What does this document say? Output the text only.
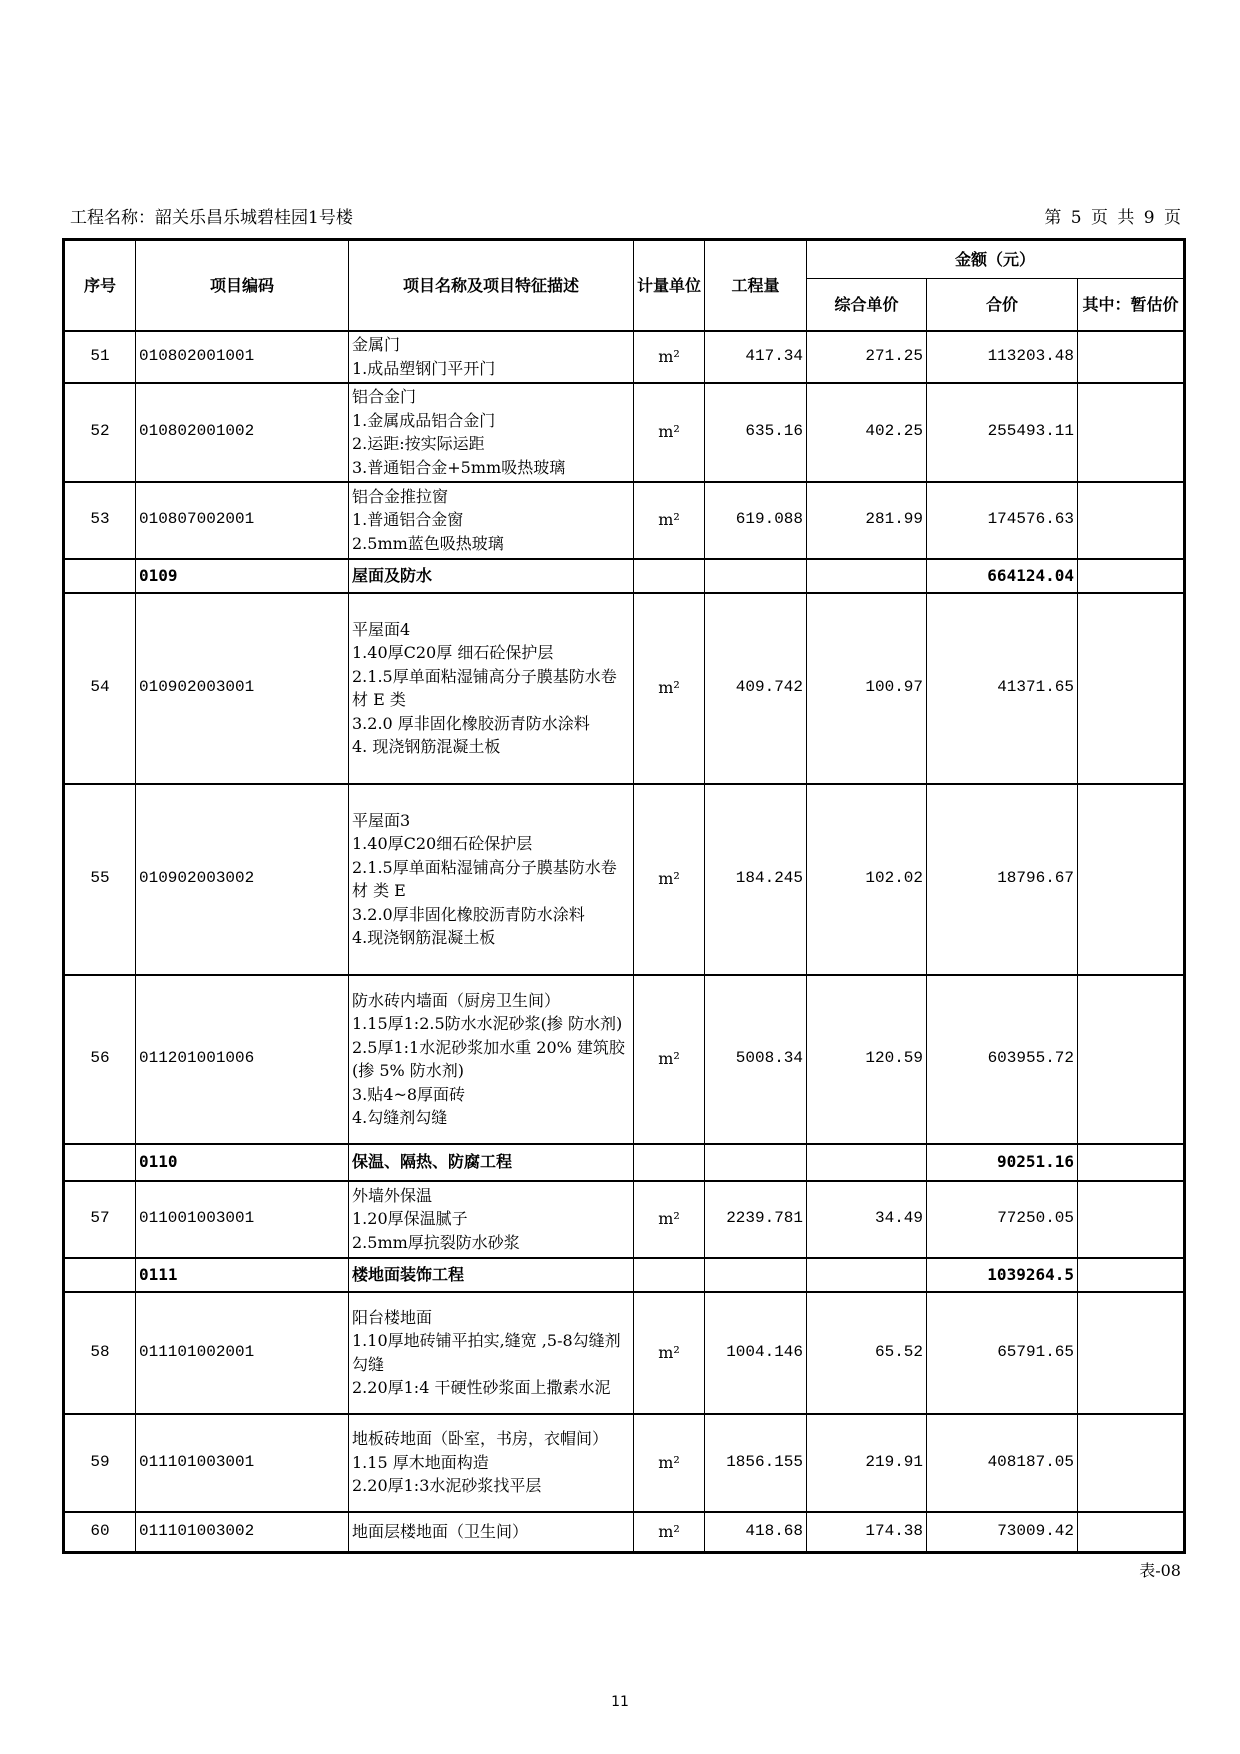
工程名称：韶关乐昌乐城碧桂园1号楼	第 5 页 共 9 页
序号	项目编码	项目名称及项目特征描述	计量单位	工程量	金额（元）		
					综合单价	合价	其中：暂估价
51	010802001001	金属门
1.成品塑钢门平开门	m²	417.34	271.25	113203.48	
52	010802001002	铝合金门
1.金属成品铝合金门
2.运距:按实际运距
3.普通铝合金+5mm吸热玻璃	m²	635.16	402.25	255493.11	
53	010807002001	铝合金推拉窗
1.普通铝合金窗
2.5mm蓝色吸热玻璃	m²	619.088	281.99	174576.63	
	0109	屋面及防水				664124.04	
54	010902003001	平屋面4
1.40厚C20厚 细石砼保护层
2.1.5厚单面粘湿铺高分子膜基防水卷材 E 类
3.2.0 厚非固化橡胶沥青防水涂料
4. 现浇钢筋混凝土板	m²	409.742	100.97	41371.65	
55	010902003002	平屋面3
1.40厚C20细石砼保护层
2.1.5厚单面粘湿铺高分子膜基防水卷材 类 E
3.2.0厚非固化橡胶沥青防水涂料
4.现浇钢筋混凝土板	m²	184.245	102.02	18796.67	
56	011201001006	防水砖内墙面（厨房卫生间）
1.15厚1:2.5防水水泥砂浆(掺 防水剂)
2.5厚1:1水泥砂浆加水重 20% 建筑胶(掺 5% 防水剂)
3.贴4~8厚面砖
4.勾缝剂勾缝	m²	5008.34	120.59	603955.72	
	0110	保温、隔热、防腐工程				90251.16	
57	011001003001	外墙外保温
1.20厚保温腻子
2.5mm厚抗裂防水砂浆	m²	2239.781	34.49	77250.05	
	0111	楼地面装饰工程				1039264.5	
58	011101002001	阳台楼地面
1.10厚地砖铺平拍实,缝宽 ,5-8勾缝剂勾缝
2.20厚1:4 干硬性砂浆面上撒素水泥	m²	1004.146	65.52	65791.65	
59	011101003001	地板砖地面（卧室，书房，衣帽间）
1.15 厚木地面构造
2.20厚1:3水泥砂浆找平层	m²	1856.155	219.91	408187.05	
60	011101003002	地面层楼地面（卫生间）	m²	418.68	174.38	73009.42	
表-08
11
